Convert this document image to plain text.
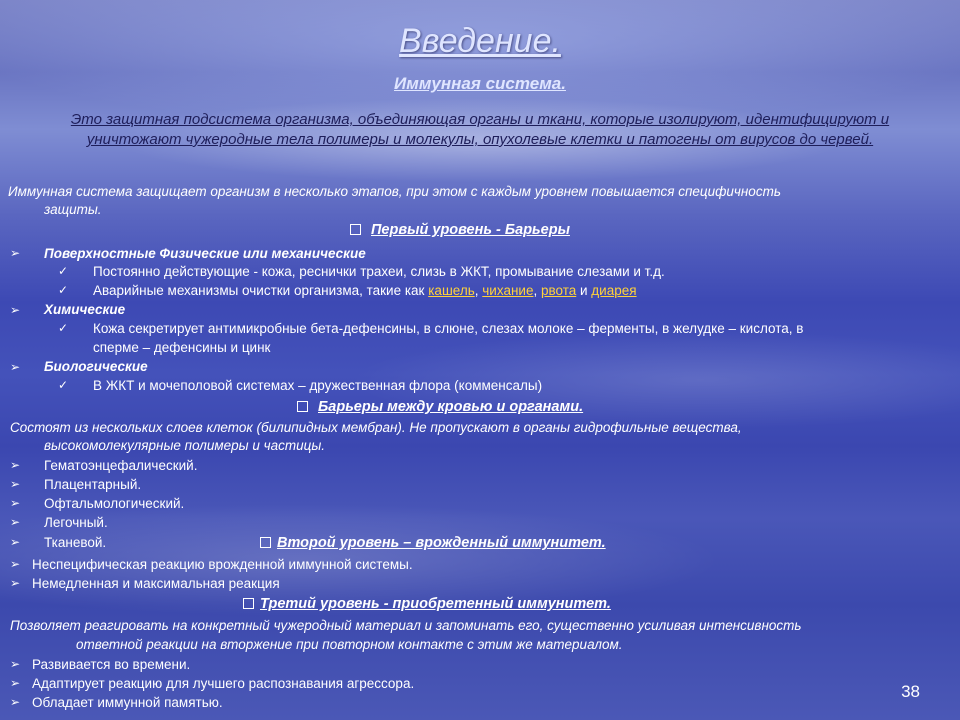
Введение.
Иммунная система.
Это защитная подсистема организма, объединяющая органы и ткани, которые изолируют, идентифицируют и уничтожают чужеродные тела полимеры и молекулы, опухолевые клетки и патогены от вирусов до червей.
Иммунная система защищает организм в несколько этапов, при этом с каждым уровнем повышается специфичность
защиты.
Первый уровень - Барьеры
➢ Поверхностные Физические или механические
✓ Постоянно действующие - кожа, реснички трахеи, слизь в ЖКТ, промывание слезами и т.д.
✓ Аварийные механизмы очистки организма, такие как кашель, чихание, рвота и диарея
➢ Химические
✓ Кожа секретирует антимикробные бета-дефенсины, в слюне, слезах молоке – ферменты, в желудке – кислота, в
сперме – дефенсины и цинк
➢ Биологические
✓ В ЖКТ и мочеполовой системах – дружественная флора (комменсалы)
Барьеры между кровью и органами.
Состоят из нескольких слоев клеток (билипидных мембран). Не пропускают в органы гидрофильные вещества,
высокомолекулярные полимеры и частицы.
➢ Гематоэнцефалический.
➢ Плацентарный.
➢ Офтальмологический.
➢ Легочный.
➢ Тканевой.	Второй уровень – врожденный иммунитет.
➢ Неспецифическая реакцию врожденной иммунной системы.
➢ Немедленная и максимальная реакция
Третий уровень - приобретенный иммунитет.
Позволяет реагировать на конкретный чужеродный материал и запоминать его, существенно усиливая интенсивность
ответной реакции на вторжение при повторном контакте с этим же материалом.
➢ Развивается во времени.
➢ Адаптирует реакцию для лучшего распознавания агрессора.
➢ Обладает иммунной памятью.
38
